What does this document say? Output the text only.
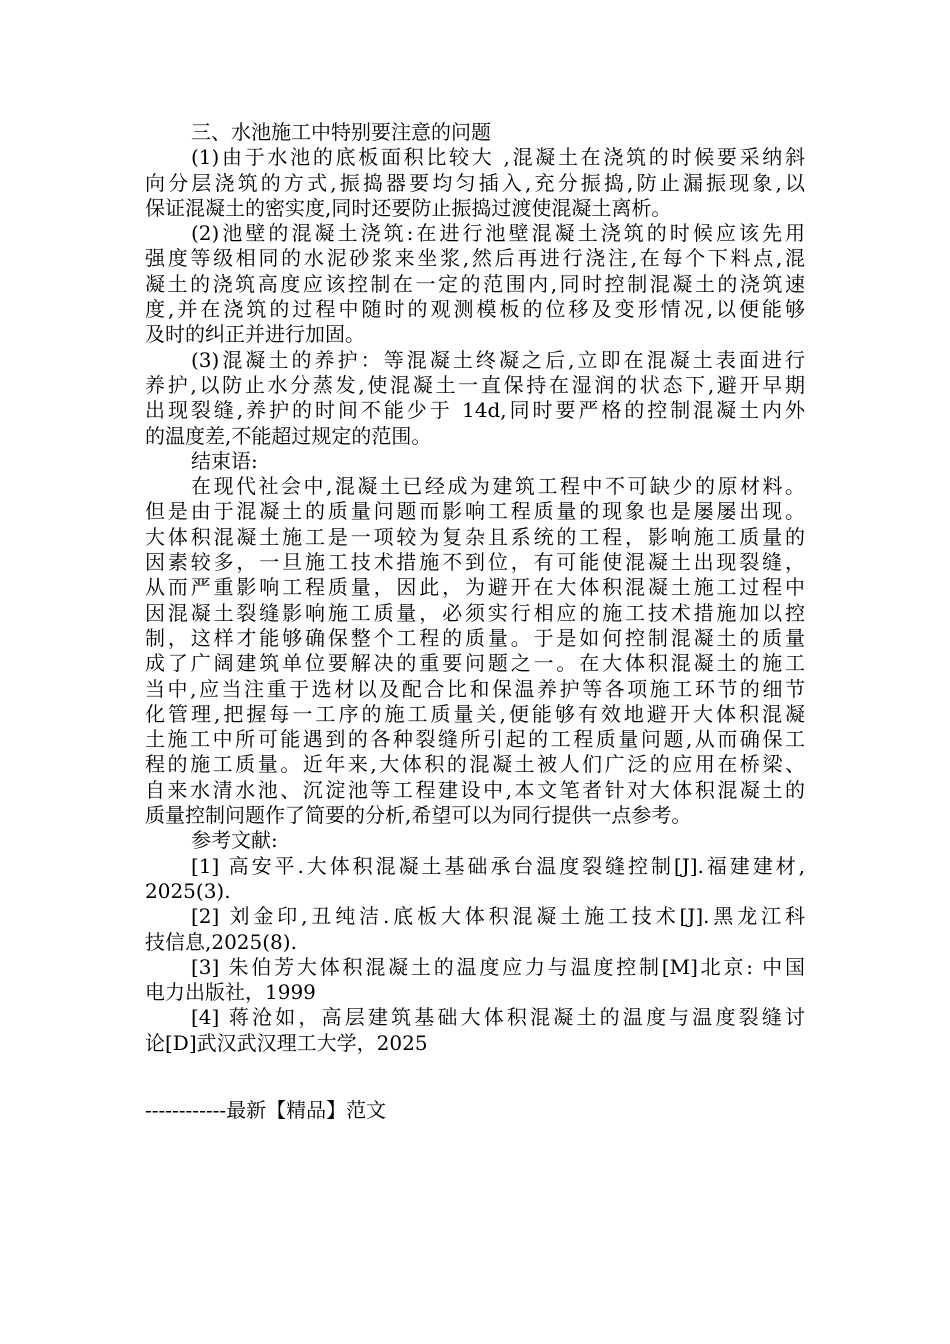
三、水池施工中特别要注意的问题
(1)由于水池的底板面积比较大 ,混凝土在浇筑的时候要采纳斜
向分层浇筑的方式,振捣器要均匀插入,充分振捣,防止漏振现象,以
保证混凝土的密实度,同时还要防止振捣过渡使混凝土离析。
(2)池壁的混凝土浇筑:在进行池壁混凝土浇筑的时候应该先用
强度等级相同的水泥砂浆来坐浆,然后再进行浇注,在每个下料点,混
凝土的浇筑高度应该控制在一定的范围内,同时控制混凝土的浇筑速
度,并在浇筑的过程中随时的观测模板的位移及变形情况,以便能够
及时的纠正并进行加固。
(3)混凝土的养护：等混凝土终凝之后,立即在混凝土表面进行
养护,以防止水分蒸发,使混凝土一直保持在湿润的状态下,避开早期
出现裂缝,养护的时间不能少于 14d,同时要严格的控制混凝土内外
的温度差,不能超过规定的范围。
结束语:
在现代社会中,混凝土已经成为建筑工程中不可缺少的原材料。
但是由于混凝土的质量问题而影响工程质量的现象也是屡屡出现。
大体积混凝土施工是一项较为复杂且系统的工程，影响施工质量的
因素较多，一旦施工技术措施不到位，有可能使混凝土出现裂缝，
从而严重影响工程质量，因此，为避开在大体积混凝土施工过程中
因混凝土裂缝影响施工质量，必须实行相应的施工技术措施加以控
制，这样才能够确保整个工程的质量。于是如何控制混凝土的质量
成了广阔建筑单位要解决的重要问题之一。在大体积混凝土的施工
当中,应当注重于选材以及配合比和保温养护等各项施工环节的细节
化管理,把握每一工序的施工质量关,便能够有效地避开大体积混凝
土施工中所可能遇到的各种裂缝所引起的工程质量问题,从而确保工
程的施工质量。近年来,大体积的混凝土被人们广泛的应用在桥梁、
自来水清水池、沉淀池等工程建设中,本文笔者针对大体积混凝土的
质量控制问题作了简要的分析,希望可以为同行提供一点参考。
参考文献:
[1] 高安平.大体积混凝土基础承台温度裂缝控制[J].福建建材,
2025(3).
[2] 刘金印,丑纯洁.底板大体积混凝土施工技术[J].黑龙江科
技信息,2025(8).
[3] 朱伯芳大体积混凝土的温度应力与温度控制[M]北京: 中国
电力出版社，1999
[4] 蒋沧如，高层建筑基础大体积混凝土的温度与温度裂缝讨
论[D]武汉武汉理工大学，2025
------------最新【精品】范文
